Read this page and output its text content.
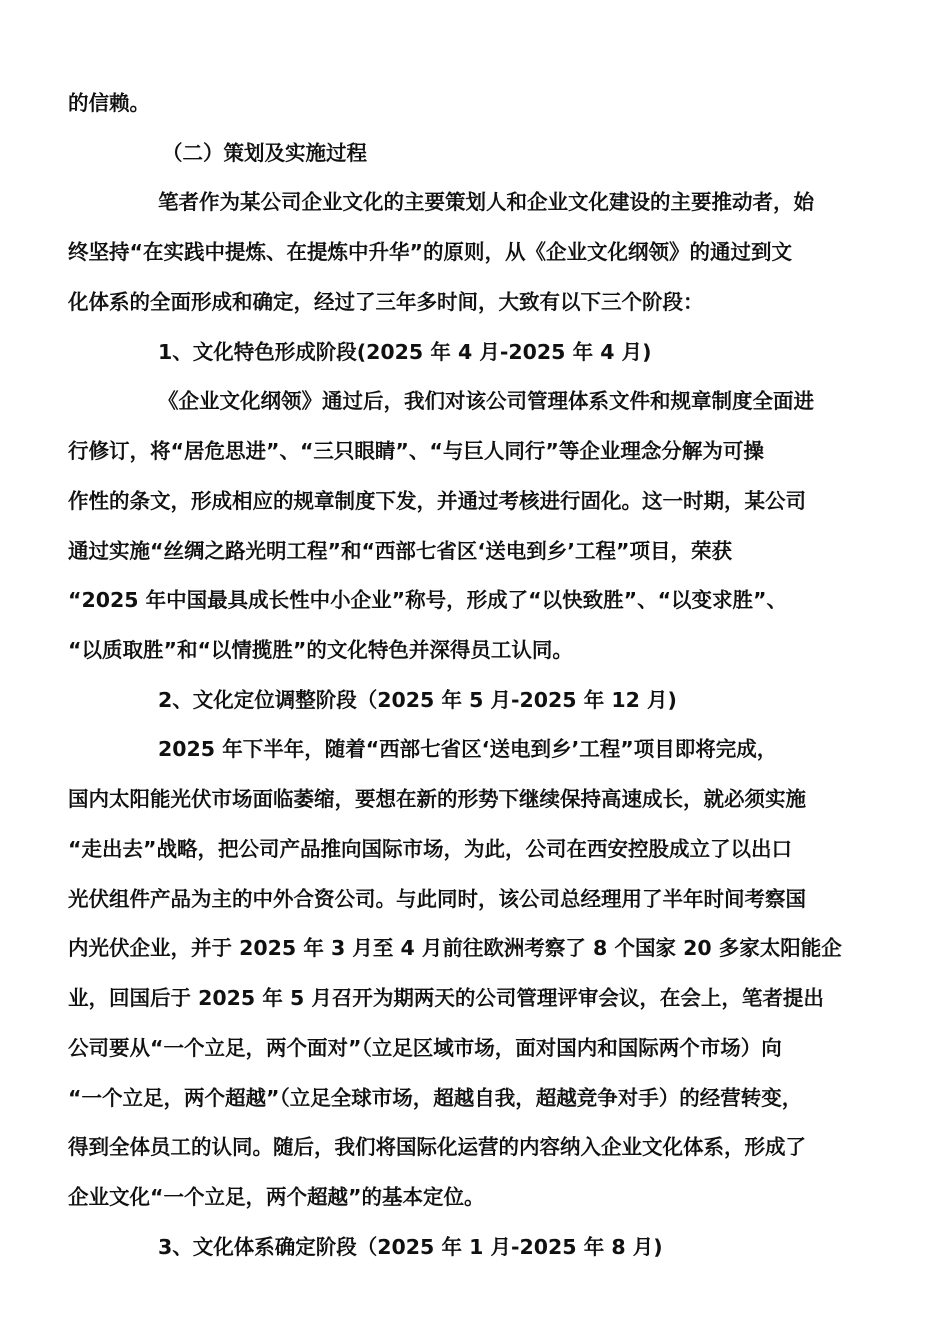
的信赖。
（二）策划及实施过程
笔者作为某公司企业文化的主要策划人和企业文化建设的主要推动者，始
终坚持“在实践中提炼、在提炼中升华”的原则，从《企业文化纲领》的通过到文
化体系的全面形成和确定，经过了三年多时间，大致有以下三个阶段：
1、文化特色形成阶段(2025 年 4 月-2025 年 4 月)
《企业文化纲领》通过后，我们对该公司管理体系文件和规章制度全面进
行修订，将“居危思进”、“三只眼睛”、“与巨人同行”等企业理念分解为可操
作性的条文，形成相应的规章制度下发，并通过考核进行固化。这一时期，某公司
通过实施“丝绸之路光明工程”和“西部七省区‘送电到乡’工程”项目，荣获
“2025 年中国最具成长性中小企业”称号，形成了“以快致胜”、“以变求胜”、
“以质取胜”和“以情揽胜”的文化特色并深得员工认同。
2、文化定位调整阶段（2025 年 5 月-2025 年 12 月)
2025 年下半年，随着“西部七省区‘送电到乡’工程”项目即将完成，
国内太阳能光伏市场面临萎缩，要想在新的形势下继续保持高速成长，就必须实施
“走出去”战略，把公司产品推向国际市场，为此，公司在西安控股成立了以出口
光伏组件产品为主的中外合资公司。与此同时，该公司总经理用了半年时间考察国
内光伏企业，并于 2025 年 3 月至 4 月前往欧洲考察了 8 个国家 20 多家太阳能企
业，回国后于 2025 年 5 月召开为期两天的公司管理评审会议，在会上，笔者提出
公司要从“一个立足，两个面对”（立足区域市场，面对国内和国际两个市场）向
“一个立足，两个超越”（立足全球市场，超越自我，超越竞争对手）的经营转变，
得到全体员工的认同。随后，我们将国际化运营的内容纳入企业文化体系，形成了
企业文化“一个立足，两个超越”的基本定位。
3、文化体系确定阶段（2025 年 1 月-2025 年 8 月)
